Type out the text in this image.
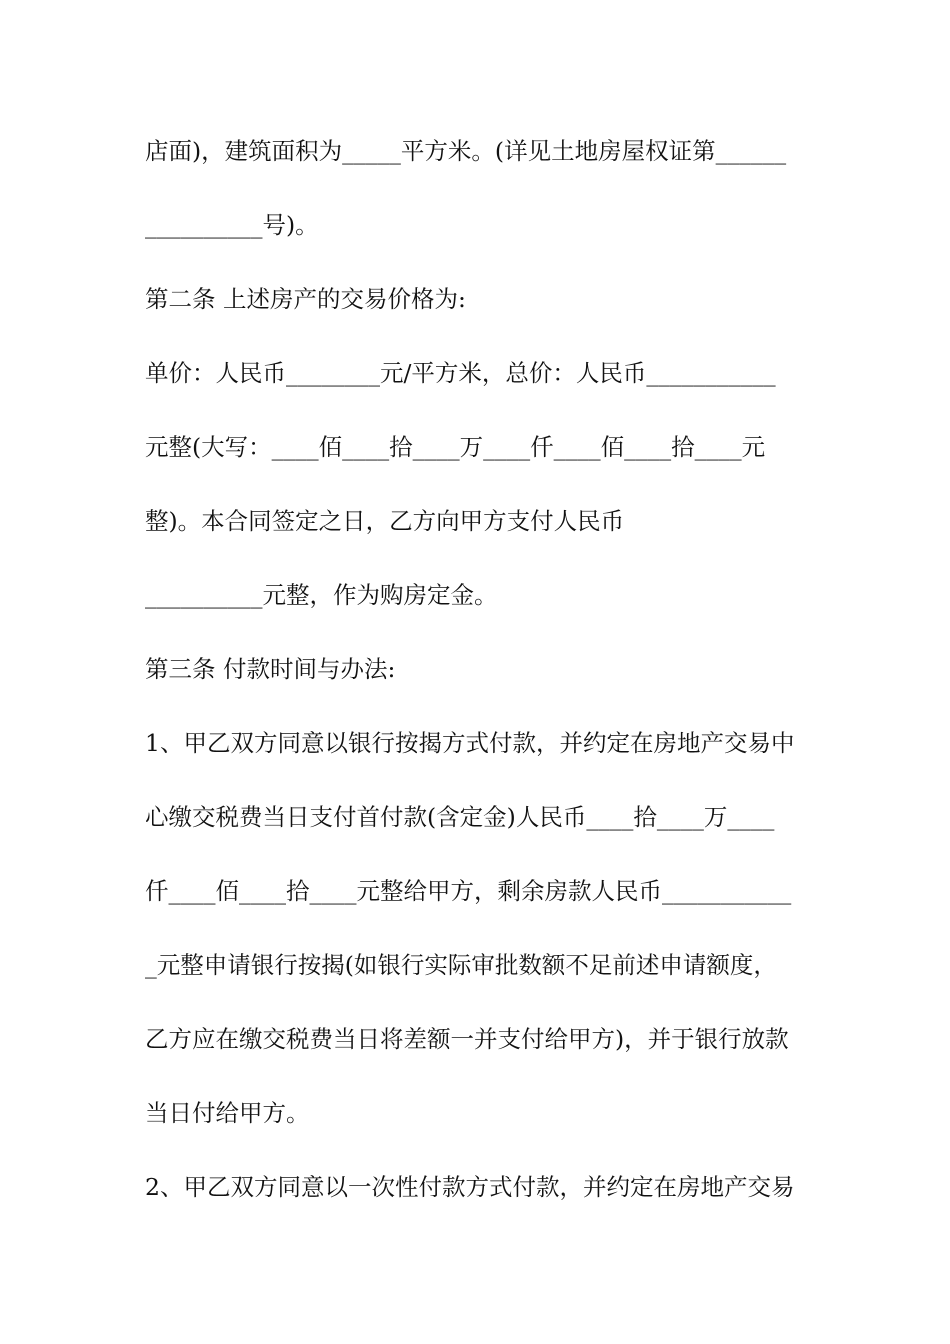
店面)，建筑面积为_____平方米。(详见土地房屋权证第______
__________号)。
第二条 上述房产的交易价格为:
单价：人民币________元/平方米，总价：人民币___________
元整(大写：____佰____拾____万____仟____佰____拾____元
整)。本合同签定之日，乙方向甲方支付人民币
__________元整，作为购房定金。
第三条 付款时间与办法:
1、甲乙双方同意以银行按揭方式付款，并约定在房地产交易中
心缴交税费当日支付首付款(含定金)人民币____拾____万____
仟____佰____拾____元整给甲方，剩余房款人民币___________
_元整申请银行按揭(如银行实际审批数额不足前述申请额度，
乙方应在缴交税费当日将差额一并支付给甲方)，并于银行放款
当日付给甲方。
2、甲乙双方同意以一次性付款方式付款，并约定在房地产交易
